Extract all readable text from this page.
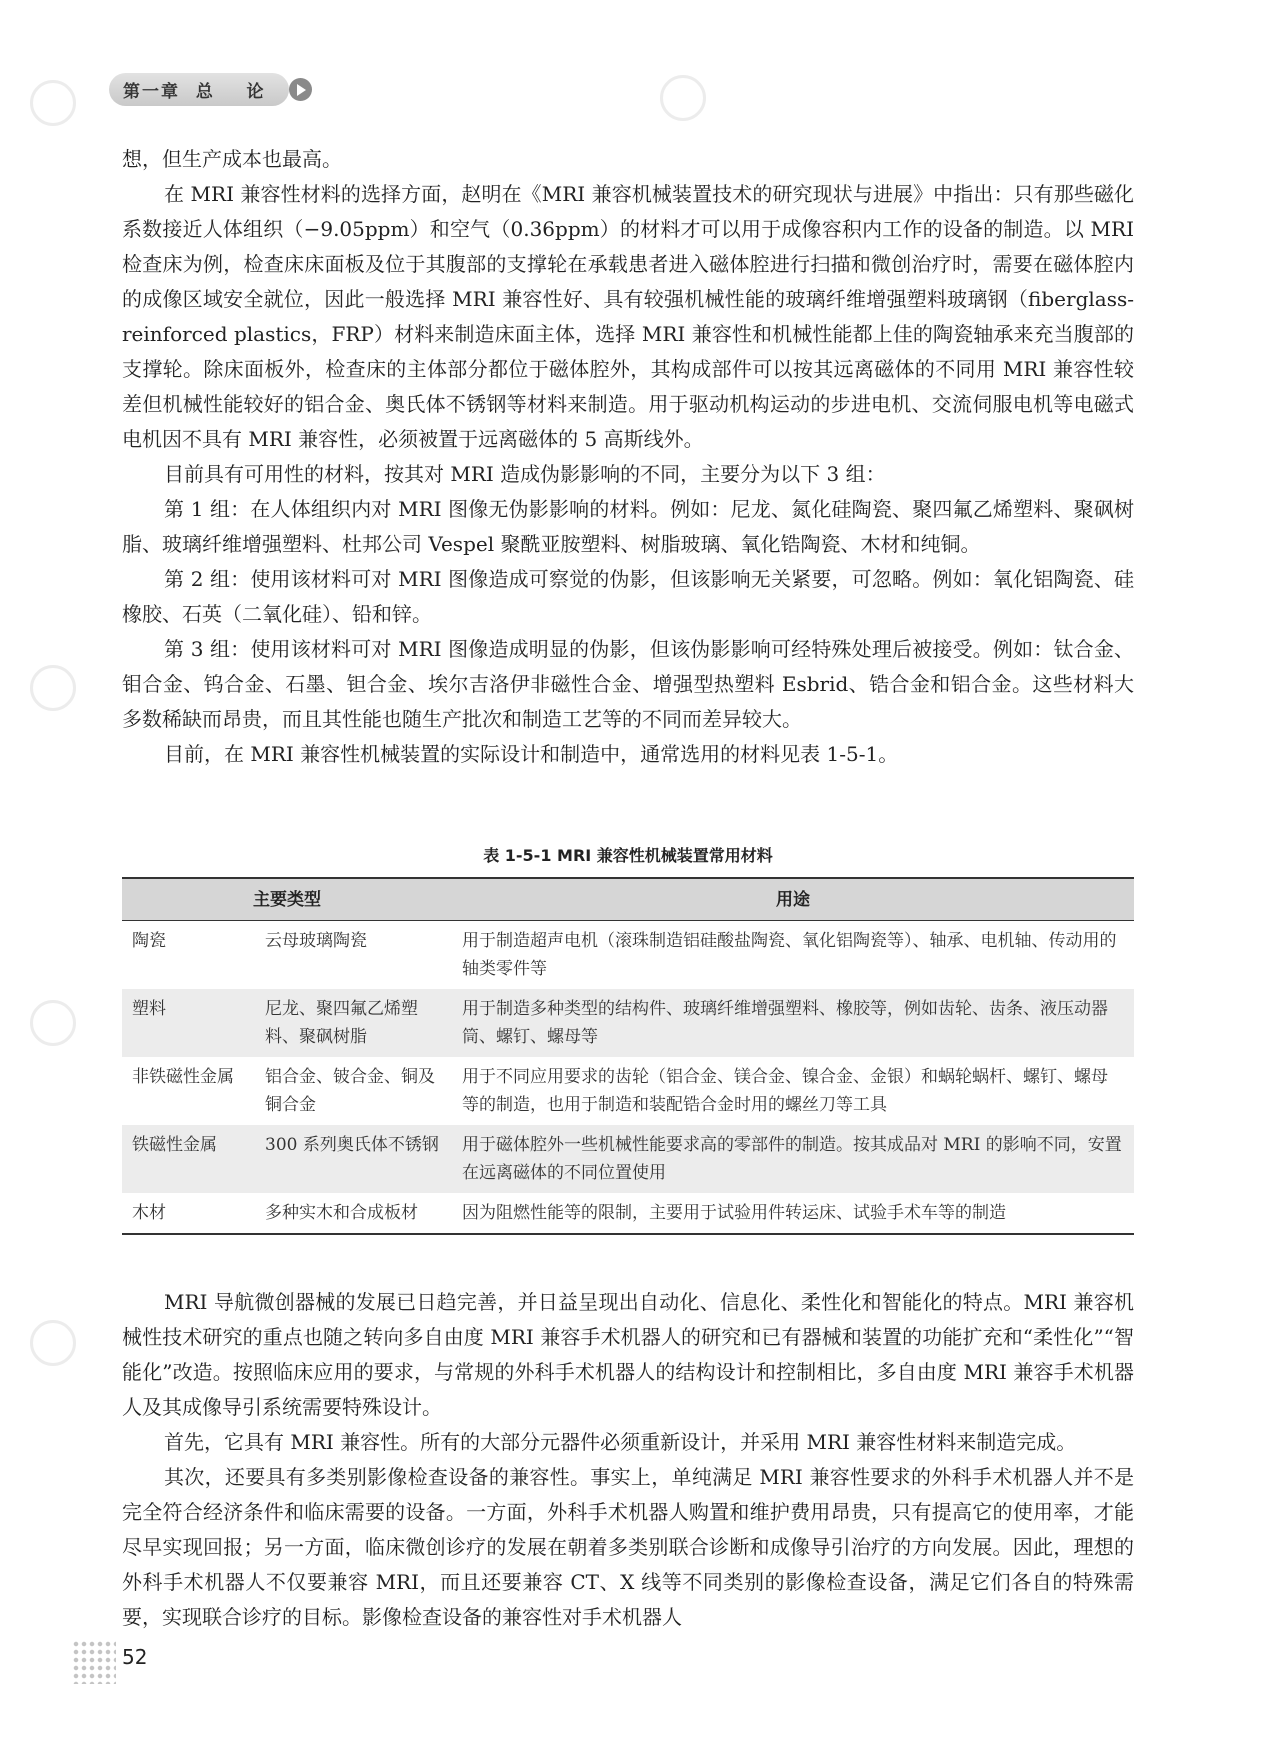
第一章  总    论

想，但生产成本也最高。

在 MRI 兼容性材料的选择方面，赵明在《MRI 兼容机械装置技术的研究现状与进展》中指出：只有那些磁化系数接近人体组织（−9.05ppm）和空气（0.36ppm）的材料才可以用于成像容积内工作的设备的制造。以 MRI 检查床为例，检查床床面板及位于其腹部的支撑轮在承载患者进入磁体腔进行扫描和微创治疗时，需要在磁体腔内的成像区域安全就位，因此一般选择 MRI 兼容性好、具有较强机械性能的玻璃纤维增强塑料玻璃钢（fiberglass-reinforced plastics，FRP）材料来制造床面主体，选择 MRI 兼容性和机械性能都上佳的陶瓷轴承来充当腹部的支撑轮。除床面板外，检查床的主体部分都位于磁体腔外，其构成部件可以按其远离磁体的不同用 MRI 兼容性较差但机械性能较好的铝合金、奥氏体不锈钢等材料来制造。用于驱动机构运动的步进电机、交流伺服电机等电磁式电机因不具有 MRI 兼容性，必须被置于远离磁体的 5 高斯线外。

目前具有可用性的材料，按其对 MRI 造成伪影影响的不同，主要分为以下 3 组：

第 1 组：在人体组织内对 MRI 图像无伪影影响的材料。例如：尼龙、氮化硅陶瓷、聚四氟乙烯塑料、聚砜树脂、玻璃纤维增强塑料、杜邦公司 Vespel 聚酰亚胺塑料、树脂玻璃、氧化锆陶瓷、木材和纯铜。

第 2 组：使用该材料可对 MRI 图像造成可察觉的伪影，但该影响无关紧要，可忽略。例如：氧化铝陶瓷、硅橡胶、石英（二氧化硅）、铅和锌。

第 3 组：使用该材料可对 MRI 图像造成明显的伪影，但该伪影影响可经特殊处理后被接受。例如：钛合金、钼合金、钨合金、石墨、钽合金、埃尔吉洛伊非磁性合金、增强型热塑料 Esbrid、锆合金和铝合金。这些材料大多数稀缺而昂贵，而且其性能也随生产批次和制造工艺等的不同而差异较大。

目前，在 MRI 兼容性机械装置的实际设计和制造中，通常选用的材料见表 1-5-1。

表 1-5-1 MRI 兼容性机械装置常用材料
主要类型		用途
陶瓷	云母玻璃陶瓷	用于制造超声电机（滚珠制造铝硅酸盐陶瓷、氧化铝陶瓷等）、轴承、电机轴、传动用的轴类零件等
塑料	尼龙、聚四氟乙烯塑料、聚砜树脂	用于制造多种类型的结构件、玻璃纤维增强塑料、橡胶等，例如齿轮、齿条、液压动器筒、螺钉、螺母等
非铁磁性金属	铝合金、铍合金、铜及铜合金	用于不同应用要求的齿轮（铝合金、镁合金、镍合金、金银）和蜗轮蜗杆、螺钉、螺母等的制造，也用于制造和装配锆合金时用的螺丝刀等工具
铁磁性金属	300 系列奥氏体不锈钢	用于磁体腔外一些机械性能要求高的零部件的制造。按其成品对 MRI 的影响不同，安置在远离磁体的不同位置使用
木材	多种实木和合成板材	因为阻燃性能等的限制，主要用于试验用件转运床、试验手术车等的制造

MRI 导航微创器械的发展已日趋完善，并日益呈现出自动化、信息化、柔性化和智能化的特点。MRI 兼容机械性技术研究的重点也随之转向多自由度 MRI 兼容手术机器人的研究和已有器械和装置的功能扩充和“柔性化”“智能化”改造。按照临床应用的要求，与常规的外科手术机器人的结构设计和控制相比，多自由度 MRI 兼容手术机器人及其成像导引系统需要特殊设计。

首先，它具有 MRI 兼容性。所有的大部分元器件必须重新设计，并采用 MRI 兼容性材料来制造完成。

其次，还要具有多类别影像检查设备的兼容性。事实上，单纯满足 MRI 兼容性要求的外科手术机器人并不是完全符合经济条件和临床需要的设备。一方面，外科手术机器人购置和维护费用昂贵，只有提高它的使用率，才能尽早实现回报；另一方面，临床微创诊疗的发展在朝着多类别联合诊断和成像导引治疗的方向发展。因此，理想的外科手术机器人不仅要兼容 MRI，而且还要兼容 CT、X 线等不同类别的影像检查设备，满足它们各自的特殊需要，实现联合诊疗的目标。影像检查设备的兼容性对手术机器人

52
